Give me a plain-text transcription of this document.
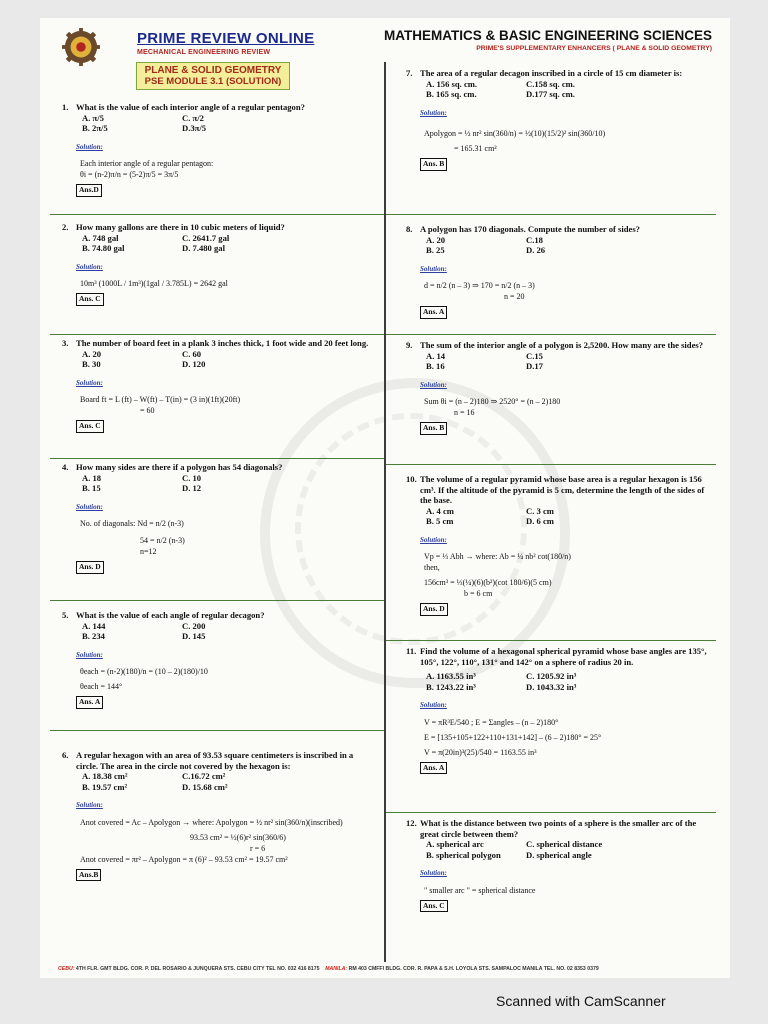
PRIME REVIEW ONLINE
MECHANICAL ENGINEERING REVIEW
MATHEMATICS & BASIC ENGINEERING SCIENCES
PRIME'S SUPPLEMENTARY ENHANCERS ( PLANE & SOLID GEOMETRY)
PLANE & SOLID GEOMETRY
PSE MODULE 3.1 (SOLUTION)
1. What is the value of each interior angle of a regular pentagon?
A. π/5	C. π/2
B. 2π/5	D.3π/5
Solution:
Each interior angle of a regular pentagon:
θi = (n-2)π/n = (5-2)π/5 = 3π/5
Ans.D
2. How many gallons are there in 10 cubic meters of liquid?
A. 748 gal	C. 2641.7 gal
B. 74.80 gal	D. 7.480 gal
Solution:
10m³ (1000L / 1m³)(1gal / 3.785L) = 2642 gal
Ans. C
3. The number of board feet in a plank 3 inches thick, 1 foot wide and 20 feet long.
A. 20	C. 60
B. 30	D. 120
Solution:
Board ft = L (ft) – W(ft) – T(in) = (3 in)(1ft)(20ft)
= 60
Ans. C
4. How many sides are there if a polygon has 54 diagonals?
A. 18	C. 10
B. 15	D. 12
Solution:
No. of diagonals: Nd = n/2 (n-3)
54 = n/2 (n-3)
n=12
Ans. D
5. What is the value of each angle of regular decagon?
A. 144	C. 200
B. 234	D. 145
Solution:
θeach = (n-2)(180)/n = (10 – 2)(180)/10
θeach = 144°
Ans. A
6. A regular hexagon with an area of 93.53 square centimeters is inscribed in a circle. The area in the circle not covered by the hexagon is:
A. 18.38 cm²	C.16.72 cm²
B. 19.57 cm²	D. 15.68 cm²
Solution:
Anot covered = Ac – Apolygon → where: Apolygon = ½ nr² sin(360/n)(inscribed)
93.53 cm² = ½(6)r² sin(360/6)
r = 6
Anot covered = πr² – Apolygon = π (6)² – 93.53 cm² = 19.57 cm²
Ans.B
7. The area of a regular decagon inscribed in a circle of 15 cm diameter is:
A. 156 sq. cm.	C.158 sq. cm.
B. 165 sq. cm.	D.177 sq. cm.
Solution:
Apolygon = ½ nr² sin(360/n) = ½(10)(15/2)² sin(360/10)
= 165.31 cm²
Ans. B
8. A polygon has 170 diagonals. Compute the number of sides?
A. 20	C.18
B. 25	D. 26
Solution:
d = n/2 (n – 3) ⇒ 170 = n/2 (n – 3)
n = 20
Ans. A
9. The sum of the interior angle of a polygon is 2,5200. How many are the sides?
A. 14	C.15
B. 16	D.17
Solution:
Sum θi = (n – 2)180 ⇒ 2520° = (n – 2)180
n = 16
Ans. B
10. The volume of a regular pyramid whose base area is a regular hexagon is 156 cm³. If the altitude of the pyramid is 5 cm, determine the length of the sides of the base.
A. 4 cm	C. 3 cm
B. 5 cm	D. 6 cm
Solution:
Vp = ⅓ Abh → where: Ab = ¼ nb² cot(180/n)
then,
156cm³ = ⅓(¼)(6)(b²)(cot 180/6)(5 cm)
b = 6 cm
Ans. D
11. Find the volume of a hexagonal spherical pyramid whose base angles are 135°, 105°, 122°, 110°, 131° and 142° on a sphere of radius 20 in.
A. 1163.55 in³	C. 1205.92 in³
B. 1243.22 in³	D. 1043.32 in³
Solution:
V = πR³E/540 ; E = Σangles – (n – 2)180°
E = [135+105+122+110+131+142] – (6 – 2)180° = 25°
V = π(20in)³(25)/540 = 1163.55 in³
Ans. A
12. What is the distance between two points of a sphere is the smaller arc of the great circle between them?
A. spherical arc	C. spherical distance
B. spherical polygon	D. spherical angle
Solution:
" smaller arc " = spherical distance
Ans. C
CEBU: 4TH FLR. GMT BLDG. COR. P. DEL ROSARIO & JUNQUERA STS. CEBU CITY TEL NO. 032 416 8175 MANILA: RM 403 CMFFI BLDG. COR. R. PAPA & S.H. LOYOLA STS. SAMPALOC MANILA TEL. NO. 02 8353 0379
Scanned with CamScanner
